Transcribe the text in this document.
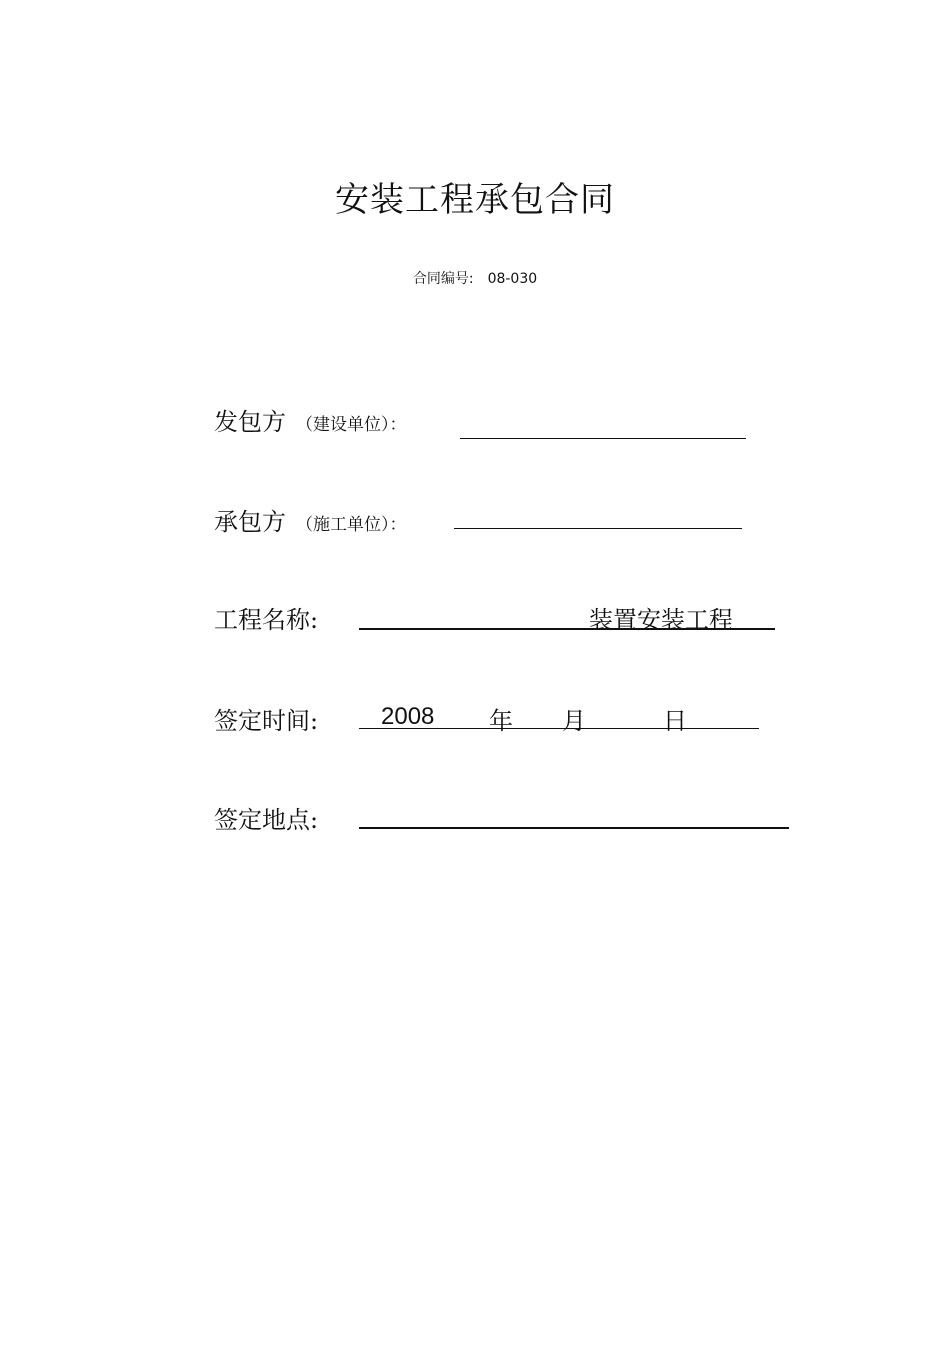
安装工程承包合同
合同编号: 08-030
发包方 （建设单位）：
承包方 （施工单位）：
工程名称:	装置安装工程
签定时间:	2008 年 月	日
签定地点:
